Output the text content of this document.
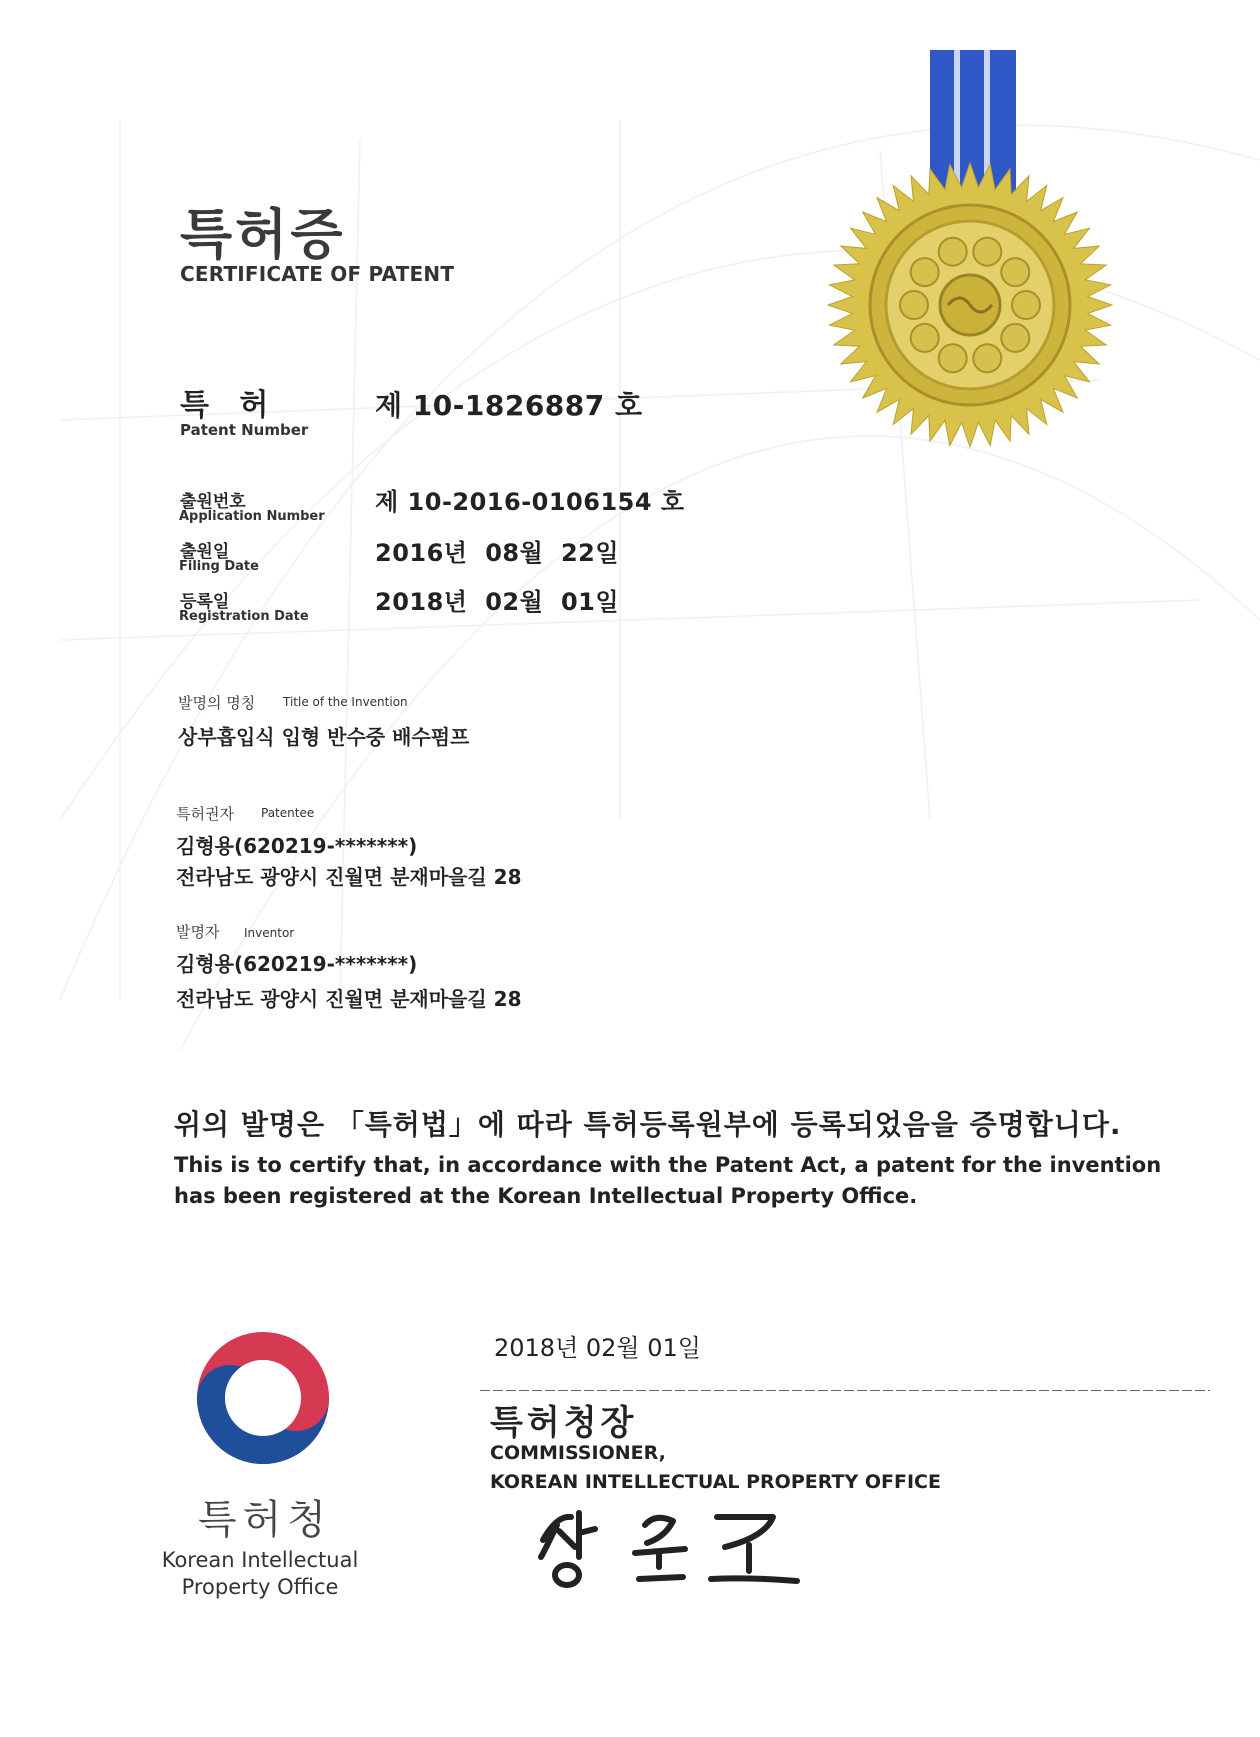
특허증
CERTIFICATE OF PATENT
특 허
Patent Number
제 10-1826887 호
출원번호
Application Number
제 10-2016-0106154 호
출원일
Filing Date	2016년  08월  22일
등록일
Registration Date
2018년  02월  01일
발명의 명칭 Title of the Invention
상부흡입식 입형 반수중 배수펌프
특허권자 Patentee
김형용(620219-*******)
전라남도 광양시 진월면 분재마을길 28
발명자 Inventor
김형용(620219-*******)
전라남도 광양시 진월면 분재마을길 28
위의 발명은 「특허법」에 따라 특허등록원부에 등록되었음을 증명합니다.
This is to certify that, in accordance with the Patent Act, a patent for the invention
has been registered at the Korean Intellectual Property Office.
특허청
Korean Intellectual
Property Office
2018년 02월 01일
특허청장
COMMISSIONER,
KOREAN INTELLECTUAL PROPERTY OFFICE
